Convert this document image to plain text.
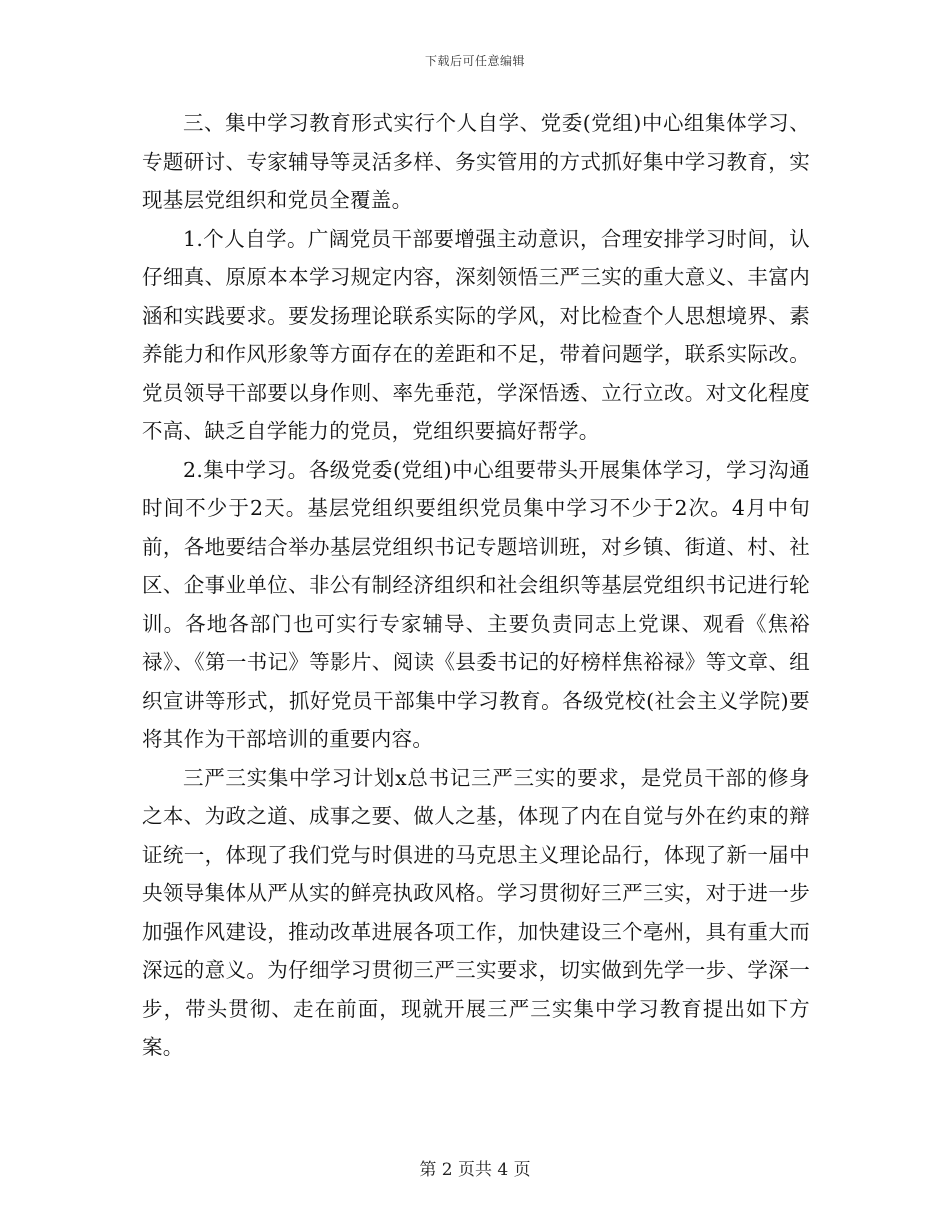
下载后可任意编辑

三、集中学习教育形式实行个人自学、党委(党组)中心组集体学习、专题研讨、专家辅导等灵活多样、务实管用的方式抓好集中学习教育，实现基层党组织和党员全覆盖。

1.个人自学。广阔党员干部要增强主动意识，合理安排学习时间，认仔细真、原原本本学习规定内容，深刻领悟三严三实的重大意义、丰富内涵和实践要求。要发扬理论联系实际的学风，对比检查个人思想境界、素养能力和作风形象等方面存在的差距和不足，带着问题学，联系实际改。党员领导干部要以身作则、率先垂范，学深悟透、立行立改。对文化程度不高、缺乏自学能力的党员，党组织要搞好帮学。

2.集中学习。各级党委(党组)中心组要带头开展集体学习，学习沟通时间不少于2天。基层党组织要组织党员集中学习不少于2次。4月中旬前，各地要结合举办基层党组织书记专题培训班，对乡镇、街道、村、社区、企事业单位、非公有制经济组织和社会组织等基层党组织书记进行轮训。各地各部门也可实行专家辅导、主要负责同志上党课、观看《焦裕禄》、《第一书记》等影片、阅读《县委书记的好榜样焦裕禄》等文章、组织宣讲等形式，抓好党员干部集中学习教育。各级党校(社会主义学院)要将其作为干部培训的重要内容。

三严三实集中学习计划x总书记三严三实的要求，是党员干部的修身之本、为政之道、成事之要、做人之基，体现了内在自觉与外在约束的辩证统一，体现了我们党与时俱进的马克思主义理论品行，体现了新一届中央领导集体从严从实的鲜亮执政风格。学习贯彻好三严三实，对于进一步加强作风建设，推动改革进展各项工作，加快建设三个亳州，具有重大而深远的意义。为仔细学习贯彻三严三实要求，切实做到先学一步、学深一步，带头贯彻、走在前面，现就开展三严三实集中学习教育提出如下方案。

第 2 页共 4 页
